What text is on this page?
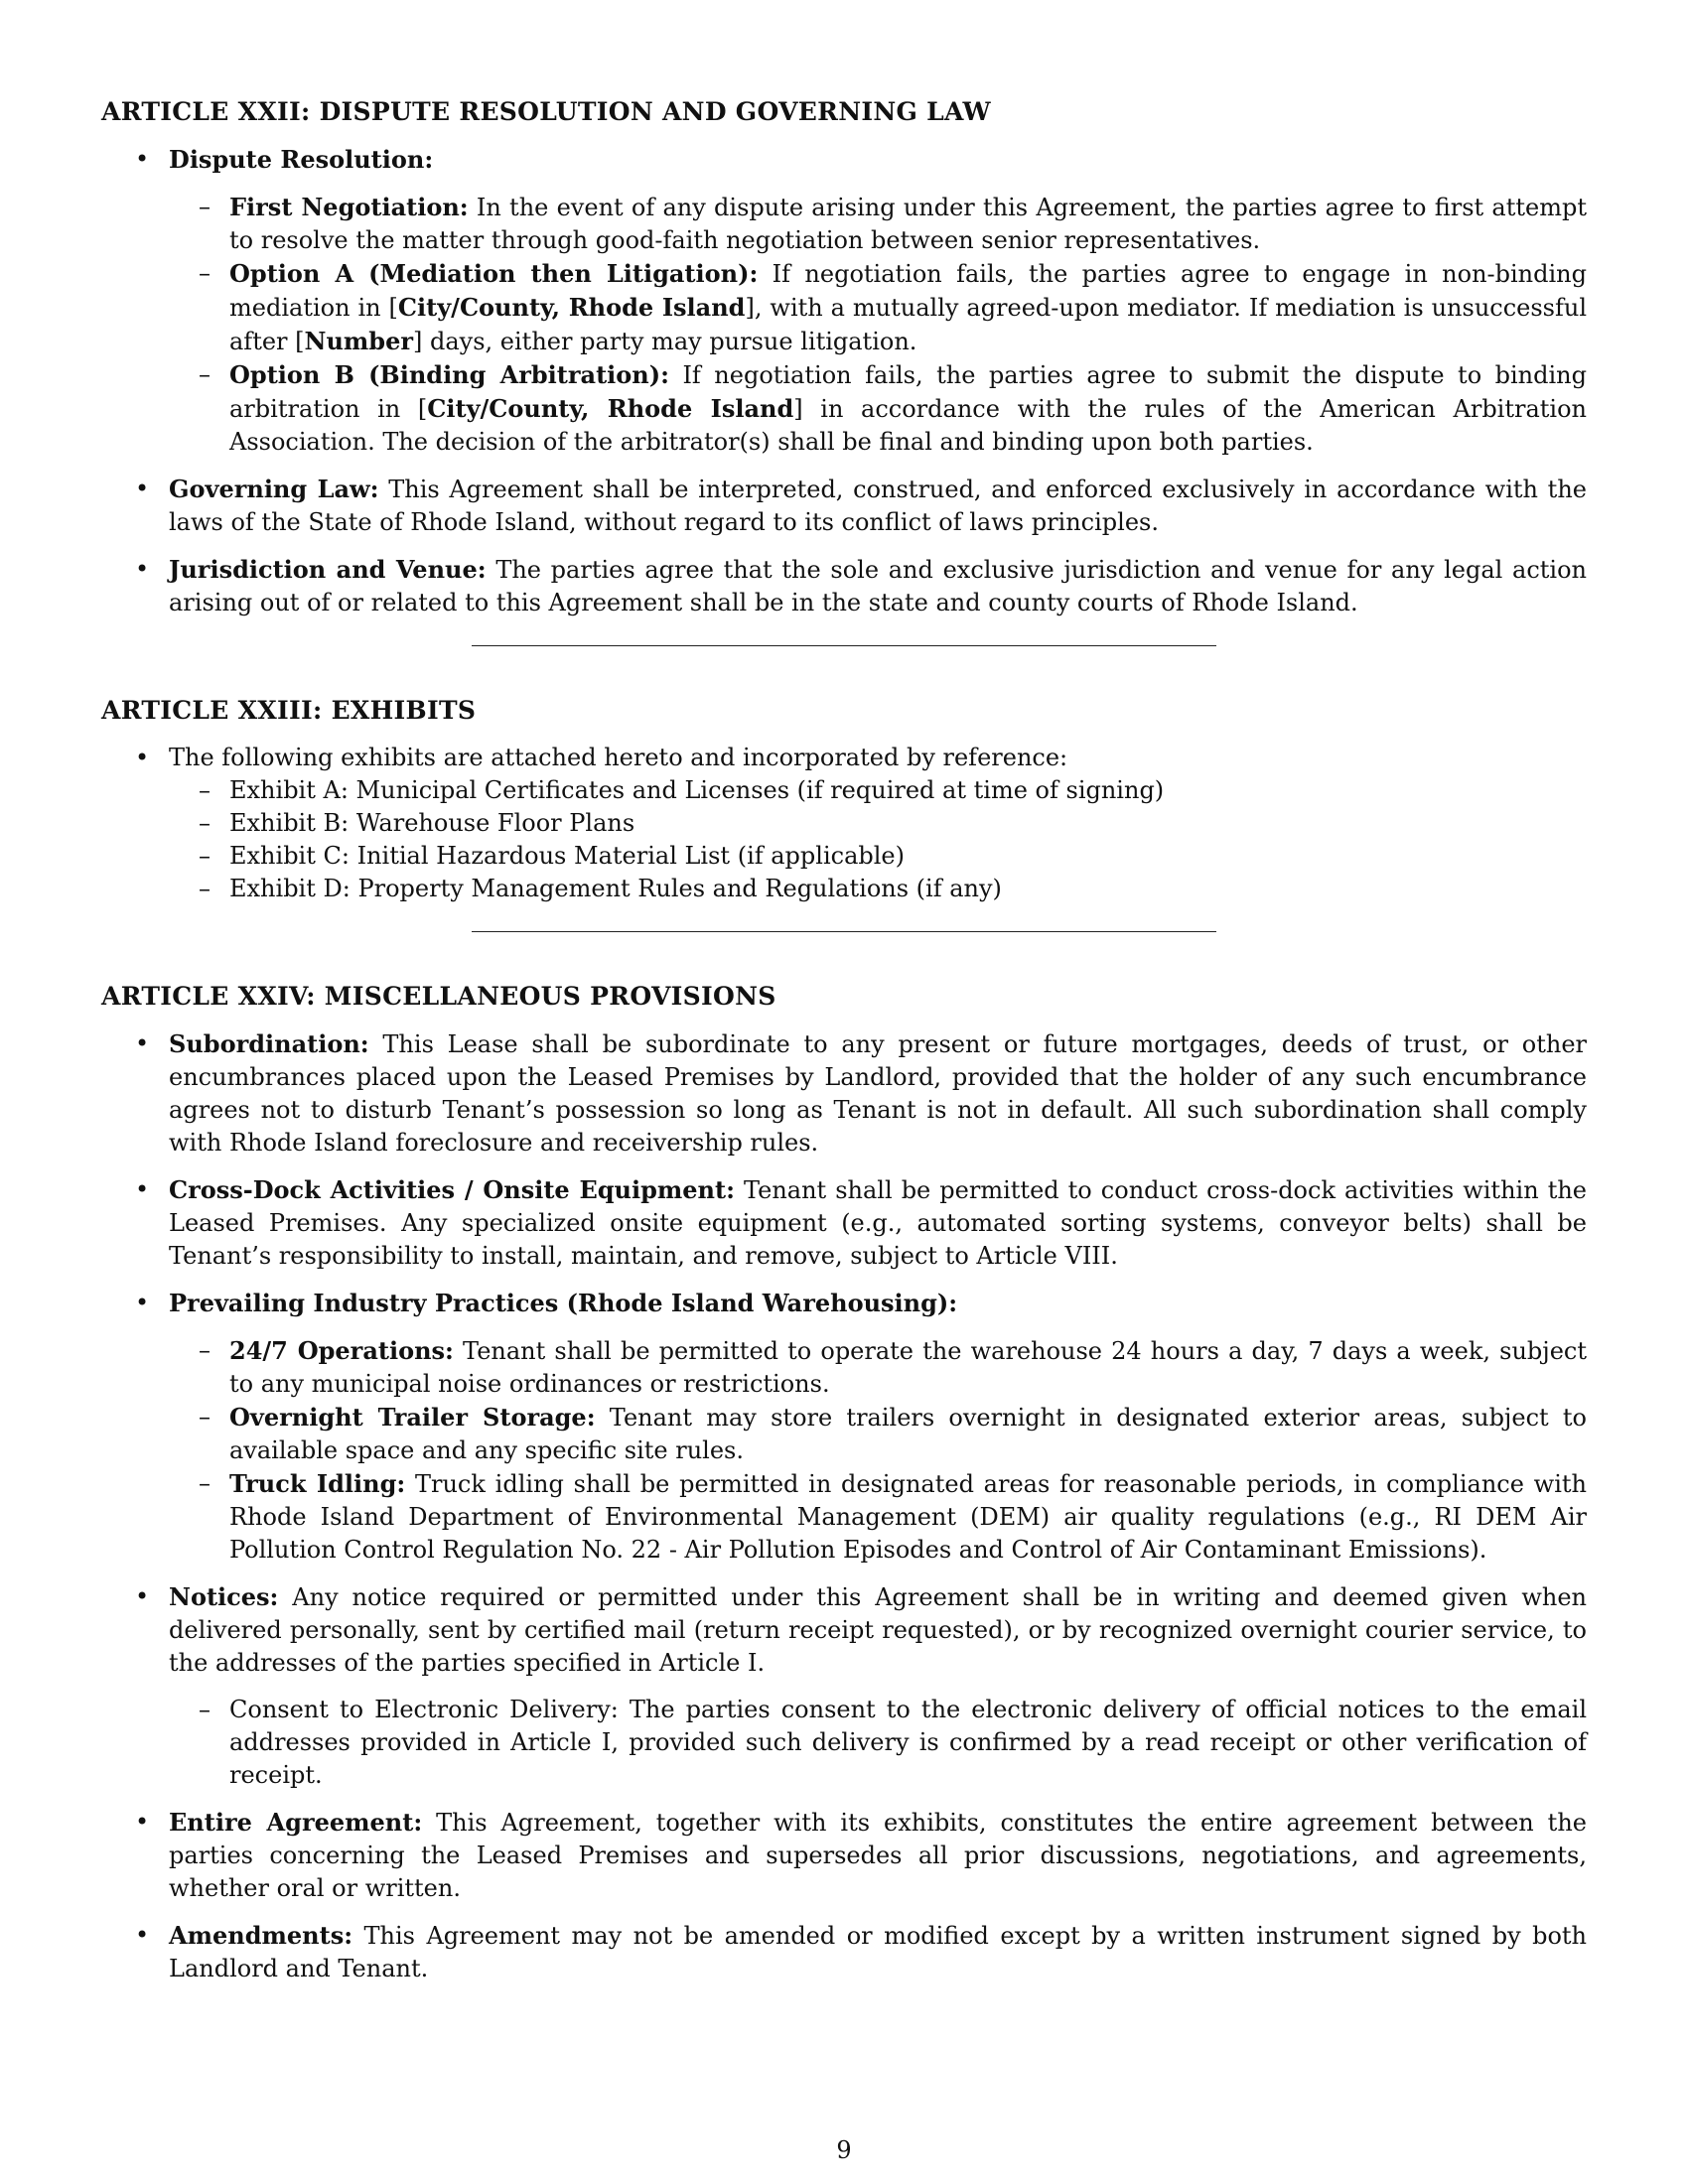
ARTICLE XXII: DISPUTE RESOLUTION AND GOVERNING LAW
• Dispute Resolution:
– First Negotiation: In the event of any dispute arising under this Agreement, the parties agree to first attempt to resolve the matter through good-faith negotiation between senior representatives.
– Option A (Mediation then Litigation): If negotiation fails, the parties agree to engage in non-binding mediation in [City/County, Rhode Island], with a mutually agreed-upon mediator. If mediation is unsuccessful after [Number] days, either party may pursue litigation.
– Option B (Binding Arbitration): If negotiation fails, the parties agree to submit the dispute to binding arbitration in [City/County, Rhode Island] in accordance with the rules of the American Arbitration Association. The decision of the arbitrator(s) shall be final and binding upon both parties.
• Governing Law: This Agreement shall be interpreted, construed, and enforced exclusively in accordance with the laws of the State of Rhode Island, without regard to its conflict of laws principles.
• Jurisdiction and Venue: The parties agree that the sole and exclusive jurisdiction and venue for any legal action arising out of or related to this Agreement shall be in the state and county courts of Rhode Island.
ARTICLE XXIII: EXHIBITS
• The following exhibits are attached hereto and incorporated by reference:
– Exhibit A: Municipal Certificates and Licenses (if required at time of signing)
– Exhibit B: Warehouse Floor Plans
– Exhibit C: Initial Hazardous Material List (if applicable)
– Exhibit D: Property Management Rules and Regulations (if any)
ARTICLE XXIV: MISCELLANEOUS PROVISIONS
• Subordination: This Lease shall be subordinate to any present or future mortgages, deeds of trust, or other encumbrances placed upon the Leased Premises by Landlord, provided that the holder of any such encumbrance agrees not to disturb Tenant’s possession so long as Tenant is not in default. All such subordination shall comply with Rhode Island foreclosure and receivership rules.
• Cross-Dock Activities / Onsite Equipment: Tenant shall be permitted to conduct cross-dock activities within the Leased Premises. Any specialized onsite equipment (e.g., automated sorting systems, conveyor belts) shall be Tenant’s responsibility to install, maintain, and remove, subject to Article VIII.
• Prevailing Industry Practices (Rhode Island Warehousing):
– 24/7 Operations: Tenant shall be permitted to operate the warehouse 24 hours a day, 7 days a week, subject to any municipal noise ordinances or restrictions.
– Overnight Trailer Storage: Tenant may store trailers overnight in designated exterior areas, subject to available space and any specific site rules.
– Truck Idling: Truck idling shall be permitted in designated areas for reasonable periods, in compliance with Rhode Island Department of Environmental Management (DEM) air quality regulations (e.g., RI DEM Air Pollution Control Regulation No. 22 - Air Pollution Episodes and Control of Air Contaminant Emissions).
• Notices: Any notice required or permitted under this Agreement shall be in writing and deemed given when delivered personally, sent by certified mail (return receipt requested), or by recognized overnight courier service, to the addresses of the parties specified in Article I.
– Consent to Electronic Delivery: The parties consent to the electronic delivery of official notices to the email addresses provided in Article I, provided such delivery is confirmed by a read receipt or other verification of receipt.
• Entire Agreement: This Agreement, together with its exhibits, constitutes the entire agreement between the parties concerning the Leased Premises and supersedes all prior discussions, negotiations, and agreements, whether oral or written.
• Amendments: This Agreement may not be amended or modified except by a written instrument signed by both Landlord and Tenant.
9
